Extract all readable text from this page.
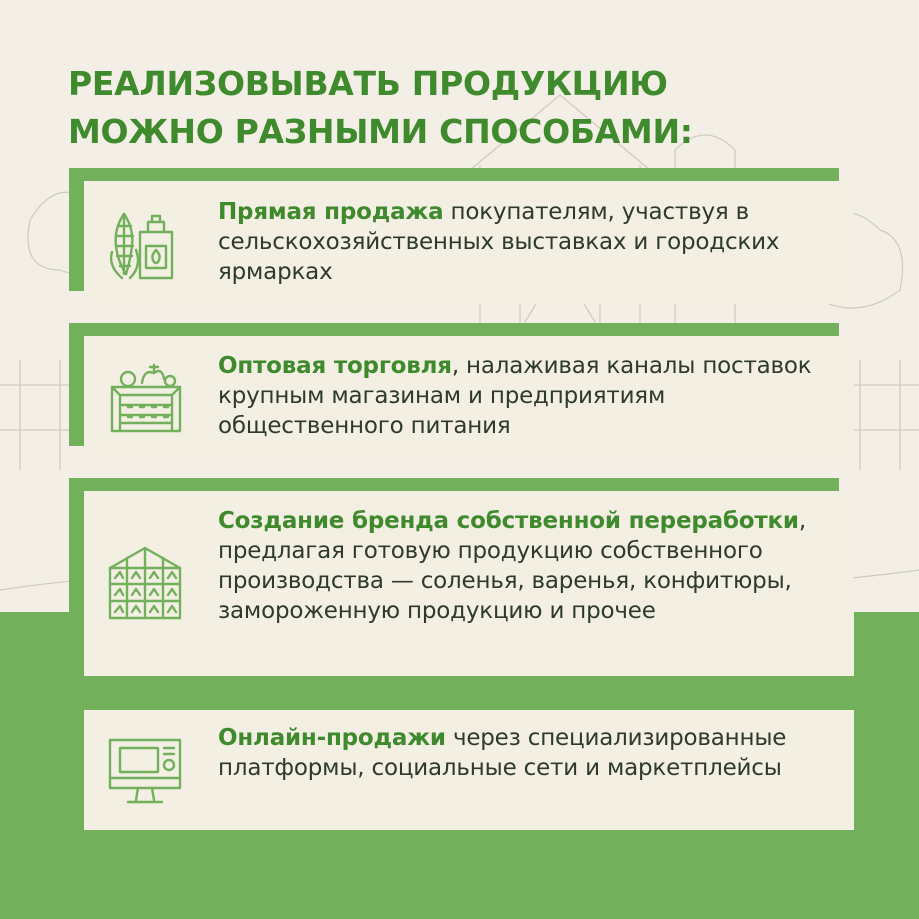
РЕАЛИЗОВЫВАТЬ ПРОДУКЦИЮ
МОЖНО РАЗНЫМИ СПОСОБАМИ:
Прямая продажа покупателям, участвуя в сельскохозяйственных выставках и городских ярмарках
Оптовая торговля, налаживая каналы поставок крупным магазинам и предприятиям общественного питания
Создание бренда собственной переработки, предлагая готовую продукцию собственного производства — соленья, варенья, конфитюры, замороженную продукцию и прочее
Онлайн-продажи через специализированные платформы, социальные сети и маркетплейсы
